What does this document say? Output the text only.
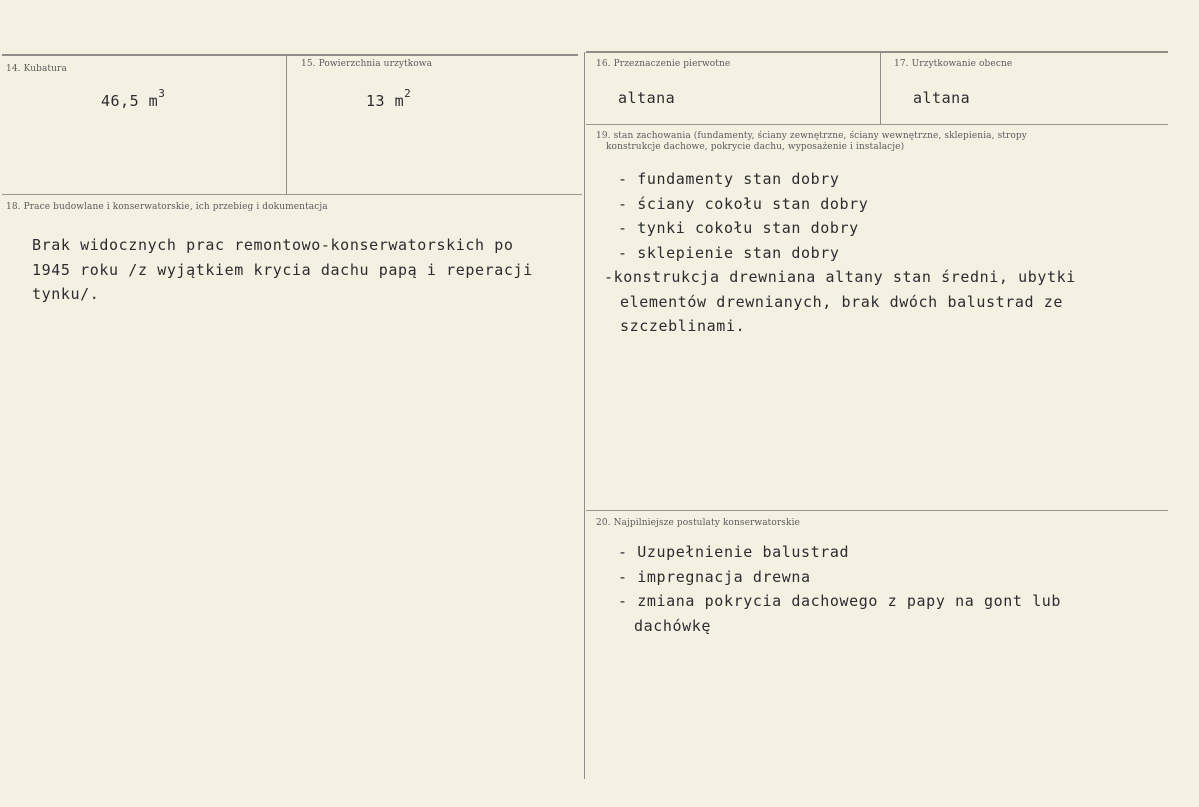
14. Kubatura
46,5 $m^3$
15. Powierzchnia urzytkowa
13 $m^2$
16. Przeznaczenie pierwotne
altana
17. Urzytkowanie obecne
altana
18. Prace budowlane i konserwatorskie, ich przebieg i dokumentacja
Brak widocznych prac remontowo-konserwatorskich po
1945 roku /z wyjątkiem krycia dachu papą i reperacji
tynku/.
19. stan zachowania (fundamenty, ściany zewnętrzne, ściany wewnętrzne, sklepienia, stropy
konstrukcje dachowe, pokrycie dachu, wyposażenie i instalacje)
- fundamenty stan dobry
- ściany cokołu stan dobry
- tynki cokołu stan dobry
- sklepienie stan dobry
-konstrukcja drewniana altany stan średni, ubytki
elementów drewnianych, brak dwóch balustrad ze
szczeblinami.
20. Najpilniejsze postulaty konserwatorskie
- Uzupełnienie balustrad
- impregnacja drewna
- zmiana pokrycia dachowego z papy na gont lub
dachówkę
